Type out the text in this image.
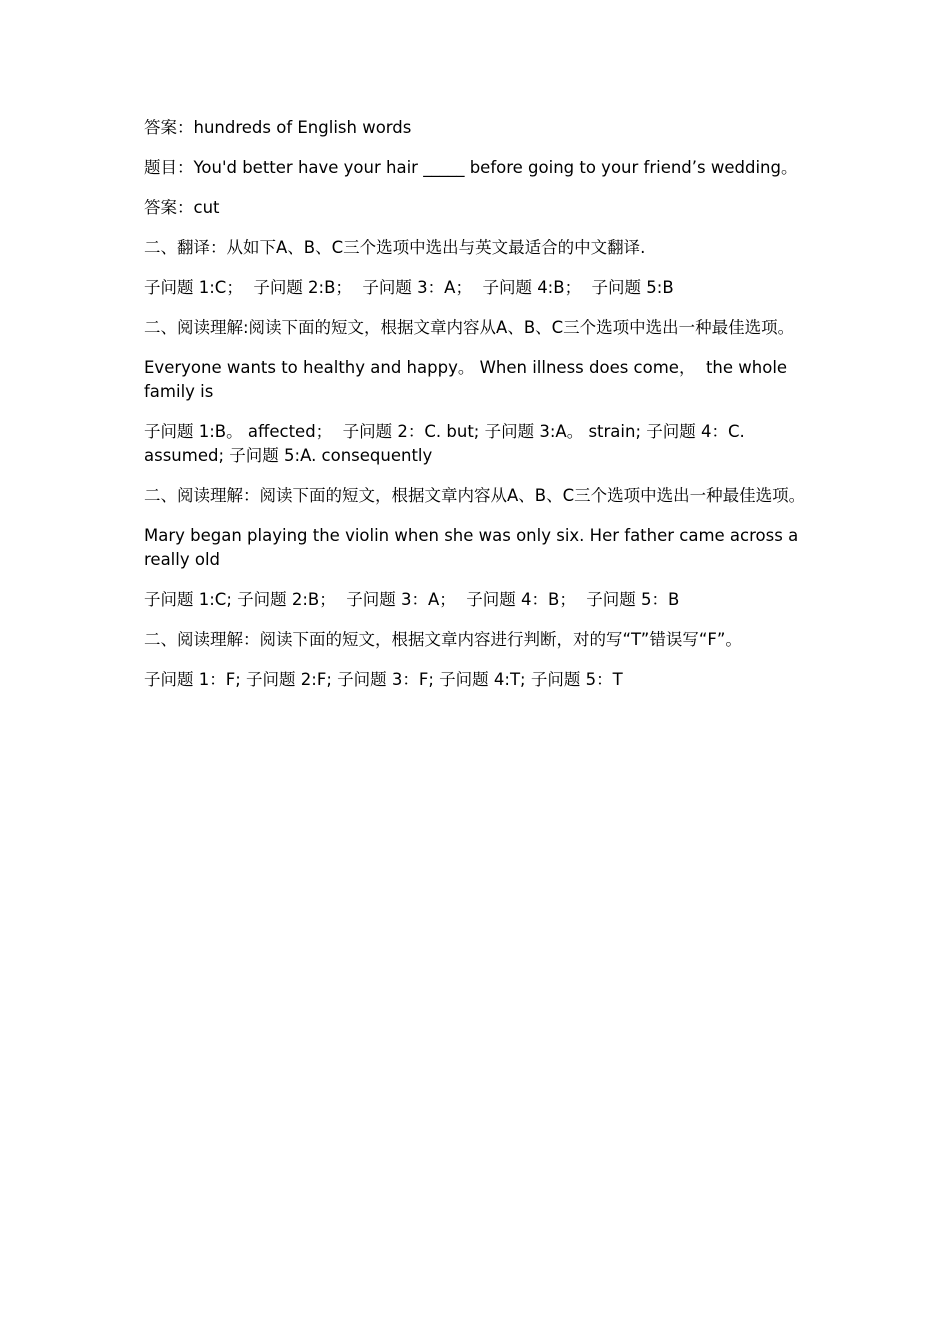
答案：hundreds of English words

题目：You'd better have your hair _____ before going to your friend’s wedding。

答案：cut

二、翻译：从如下A、B、C三个选项中选出与英文最适合的中文翻译.

子问题 1:C；  子问题 2:B；  子问题 3：A；  子问题 4:B；  子问题 5:B

二、阅读理解:阅读下面的短文，根据文章内容从A、B、C三个选项中选出一种最佳选项。

Everyone wants to healthy and happy。 When illness does come，  the whole family is

子问题 1:B。 affected；  子问题 2：C. but; 子问题 3:A。 strain; 子问题 4：C. assumed; 子问题 5:A. consequently

二、阅读理解：阅读下面的短文，根据文章内容从A、B、C三个选项中选出一种最佳选项。

Mary began playing the violin when she was only six. Her father came across a really old

子问题 1:C; 子问题 2:B；  子问题 3：A；  子问题 4：B；  子问题 5：B

二、阅读理解：阅读下面的短文，根据文章内容进行判断，对的写“T”错误写“F”。

子问题 1：F; 子问题 2:F; 子问题 3：F; 子问题 4:T; 子问题 5：T
